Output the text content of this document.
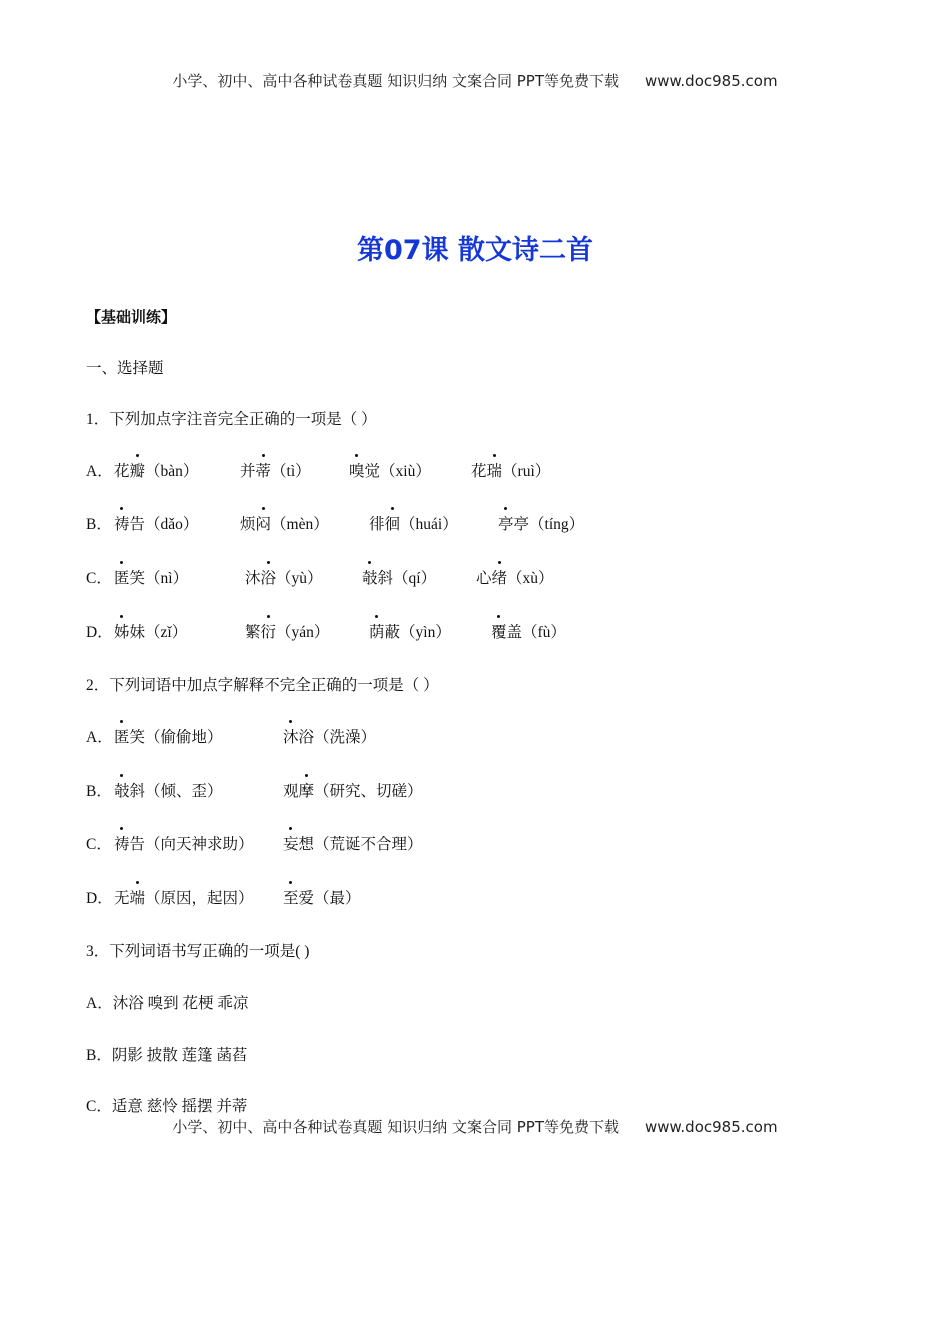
小学、初中、高中各种试卷真题 知识归纳 文案合同 PPT等免费下载 www.doc985.com
第07课 散文诗二首
【基础训练】
一、选择题
1．下列加点字注音完全正确的一项是（ ）
A． 花瓣（bàn）	并蒂（tì） 嗅觉（xiù）	花瑞（ruì）
B． 祷告（dǎo）	烦闷（mèn）	徘徊（huái）	亭亭（tíng）
C． 匿笑（nì）	沐浴（yù）	攲斜（qí）	心绪（xù）
D． 姊妹（zǐ）	繁衍（yán）	荫蔽（yìn）	覆盖（fù）
2．下列词语中加点字解释不完全正确的一项是（ ）
A． 匿笑（偷偷地）	沐浴（洗澡）
B． 攲斜（倾、歪）	观摩（研究、切磋）
C． 祷告（向天神求助） 妄想（荒诞不合理）
D． 无端（原因，起因） 至爱（最）
3．下列词语书写正确的一项是( )
A．沐浴 嗅到 花梗 乖凉
B．阴影 披散 莲篷 菡萏
C．适意 慈怜 摇摆 并蒂
小学、初中、高中各种试卷真题 知识归纳 文案合同 PPT等免费下载 www.doc985.com
